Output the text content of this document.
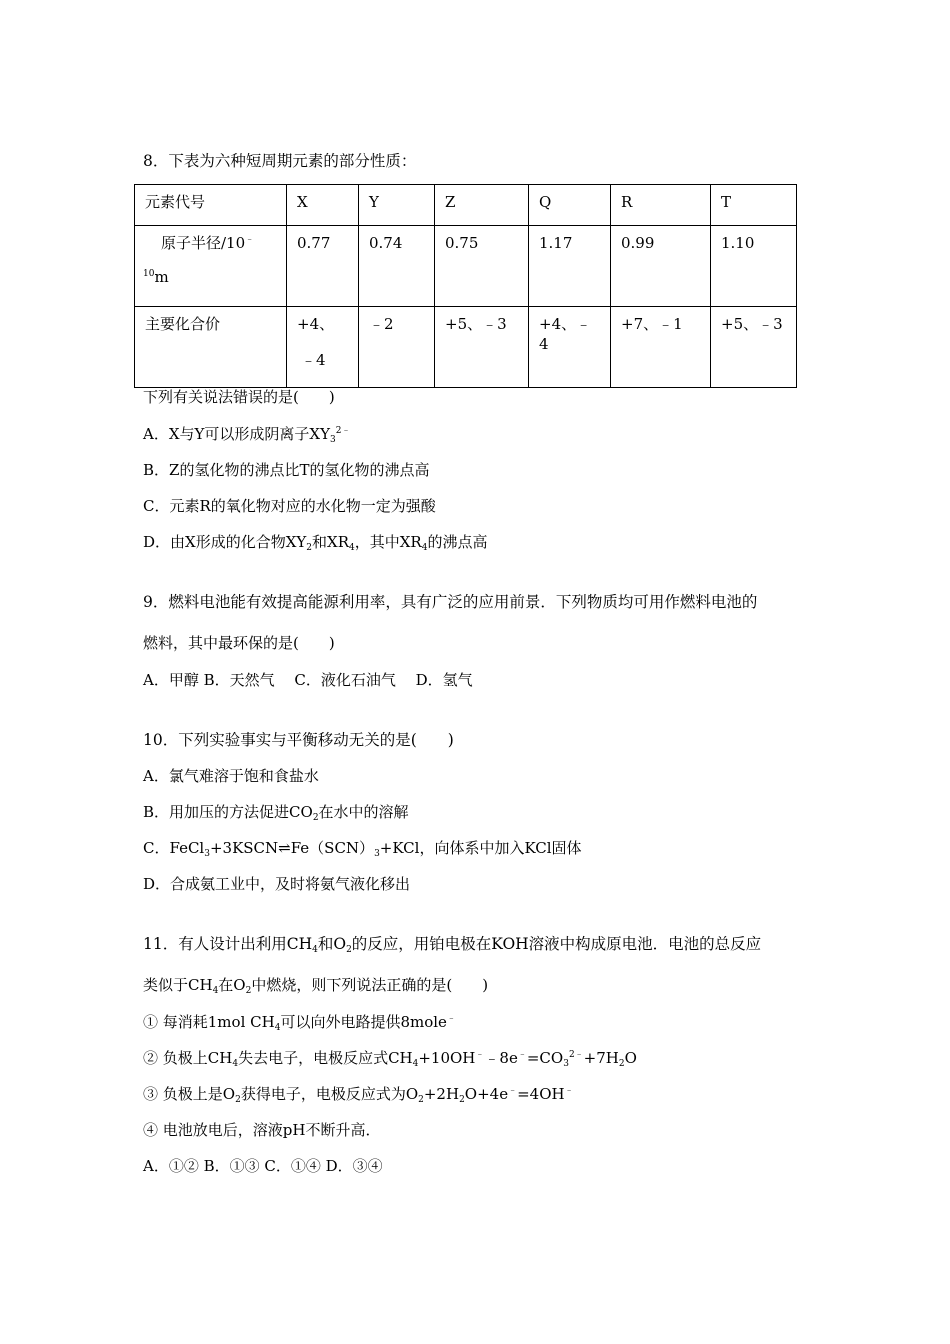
8．下表为六种短周期元素的部分性质：
元素代号	X	Y	Z	Q	R	T
原子半径/10﹣
$^{10}$m	0.77	0.74	0.75	1.17	0.99	1.10
主要化合价	+4、
﹣4	﹣2	+5、﹣3	+4、﹣4	+7、﹣1	+5、﹣3
下列有关说法错误的是(　　)
A．X与Y可以形成阴离子$XY_3^{2﹣}$
B．Z的氢化物的沸点比T的氢化物的沸点高
C．元素R的氧化物对应的水化物一定为强酸
D．由X形成的化合物$XY_2$和$XR_4$，其中$XR_4$的沸点高
9．燃料电池能有效提高能源利用率，具有广泛的应用前景．下列物质均可用作燃料电池的
燃料，其中最环保的是(　　)
A．甲醇 B．天然气　 C．液化石油气　 D．氢气
10．下列实验事实与平衡移动无关的是(　　)
A．氯气难溶于饱和食盐水
B．用加压的方法促进$CO_2$在水中的溶解
C．$FeCl_3+3KSCN\rightleftharpoons Fe(SCN)_3+KCl$，向体系中加入KCl固体
D．合成氨工业中，及时将氨气液化移出
11．有人设计出利用$CH_4$和$O_2$的反应，用铂电极在KOH溶液中构成原电池．电池的总反应
类似于$CH_4$在$O_2$中燃烧，则下列说法正确的是(　　)
① 每消耗1mol $CH_4$可以向外电路提供8mole﹣
② 负极上$CH_4$失去电子，电极反应式$CH_4+10OH^﹣﹣8e^﹣=CO_3^{2﹣}+7H_2O$
③ 负极上是$O_2$获得电子，电极反应式为$O_2+2H_2O+4e^﹣=4OH^﹣$
④ 电池放电后，溶液pH不断升高．
A．①② B．①③ C．①④ D．③④
